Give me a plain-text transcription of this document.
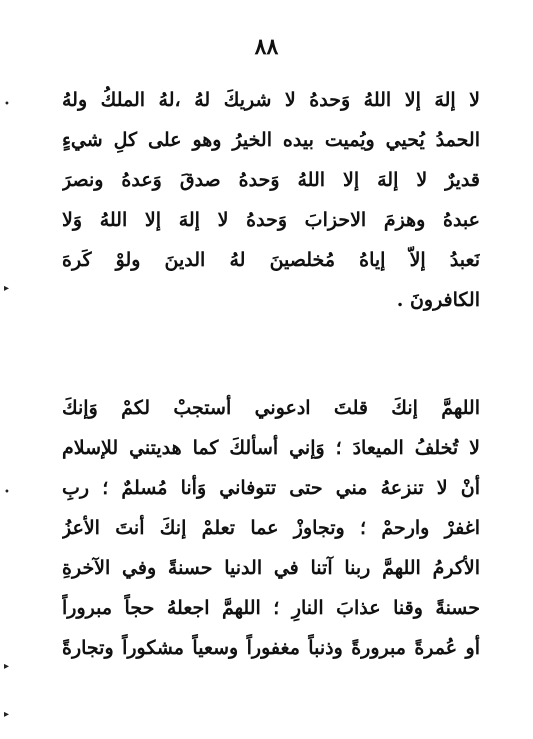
٨٨
لا إلهَ إلا اللهُ وَحدهُ لا شريكَ لهُ ،لهُ الملكُ ولهُ
الحمدُ يُحيي ويُميت بيده الخيرُ وهو على كلِ شيءٍ
قديرٌ لا إلهَ إلا اللهُ وَحدهُ صدقَ وَعدهُ ونصرَ
عبدهُ وهزمَ الاحزابَ وَحدهُ لا إلهَ إلا اللهُ وَلا
نَعبدُ إلاّ إياهُ مُخلصينَ لهُ الدينَ ولوْ كَرهَ
الكافرونَ .
اللهمَّ إنكَ قلتَ ادعوني أستجبْ لكمْ وَإنكَ
لا تُخلفُ الميعادَ ؛ وَإني أسألكَ كما هديتني للإسلام
أنْ لا تنزعهُ مني حتى تتوفاني وَأنا مُسلمٌ ؛ ربِ
اغفرْ وارحمْ ؛ وتجاوزْ عما تعلمْ إنكَ أنتَ الأعزُ
الأكرمُ اللهمَّ ربنا آتنا في الدنيا حسنةً وفي الآخرةِ
حسنةً وقنا عذابَ النارِ ؛ اللهمَّ اجعلهُ حجاً مبروراً
أو عُمرةً مبرورةً وذنباً مغفوراً وسعياً مشكوراً وتجارةً
•
▸
•
▸
▸
